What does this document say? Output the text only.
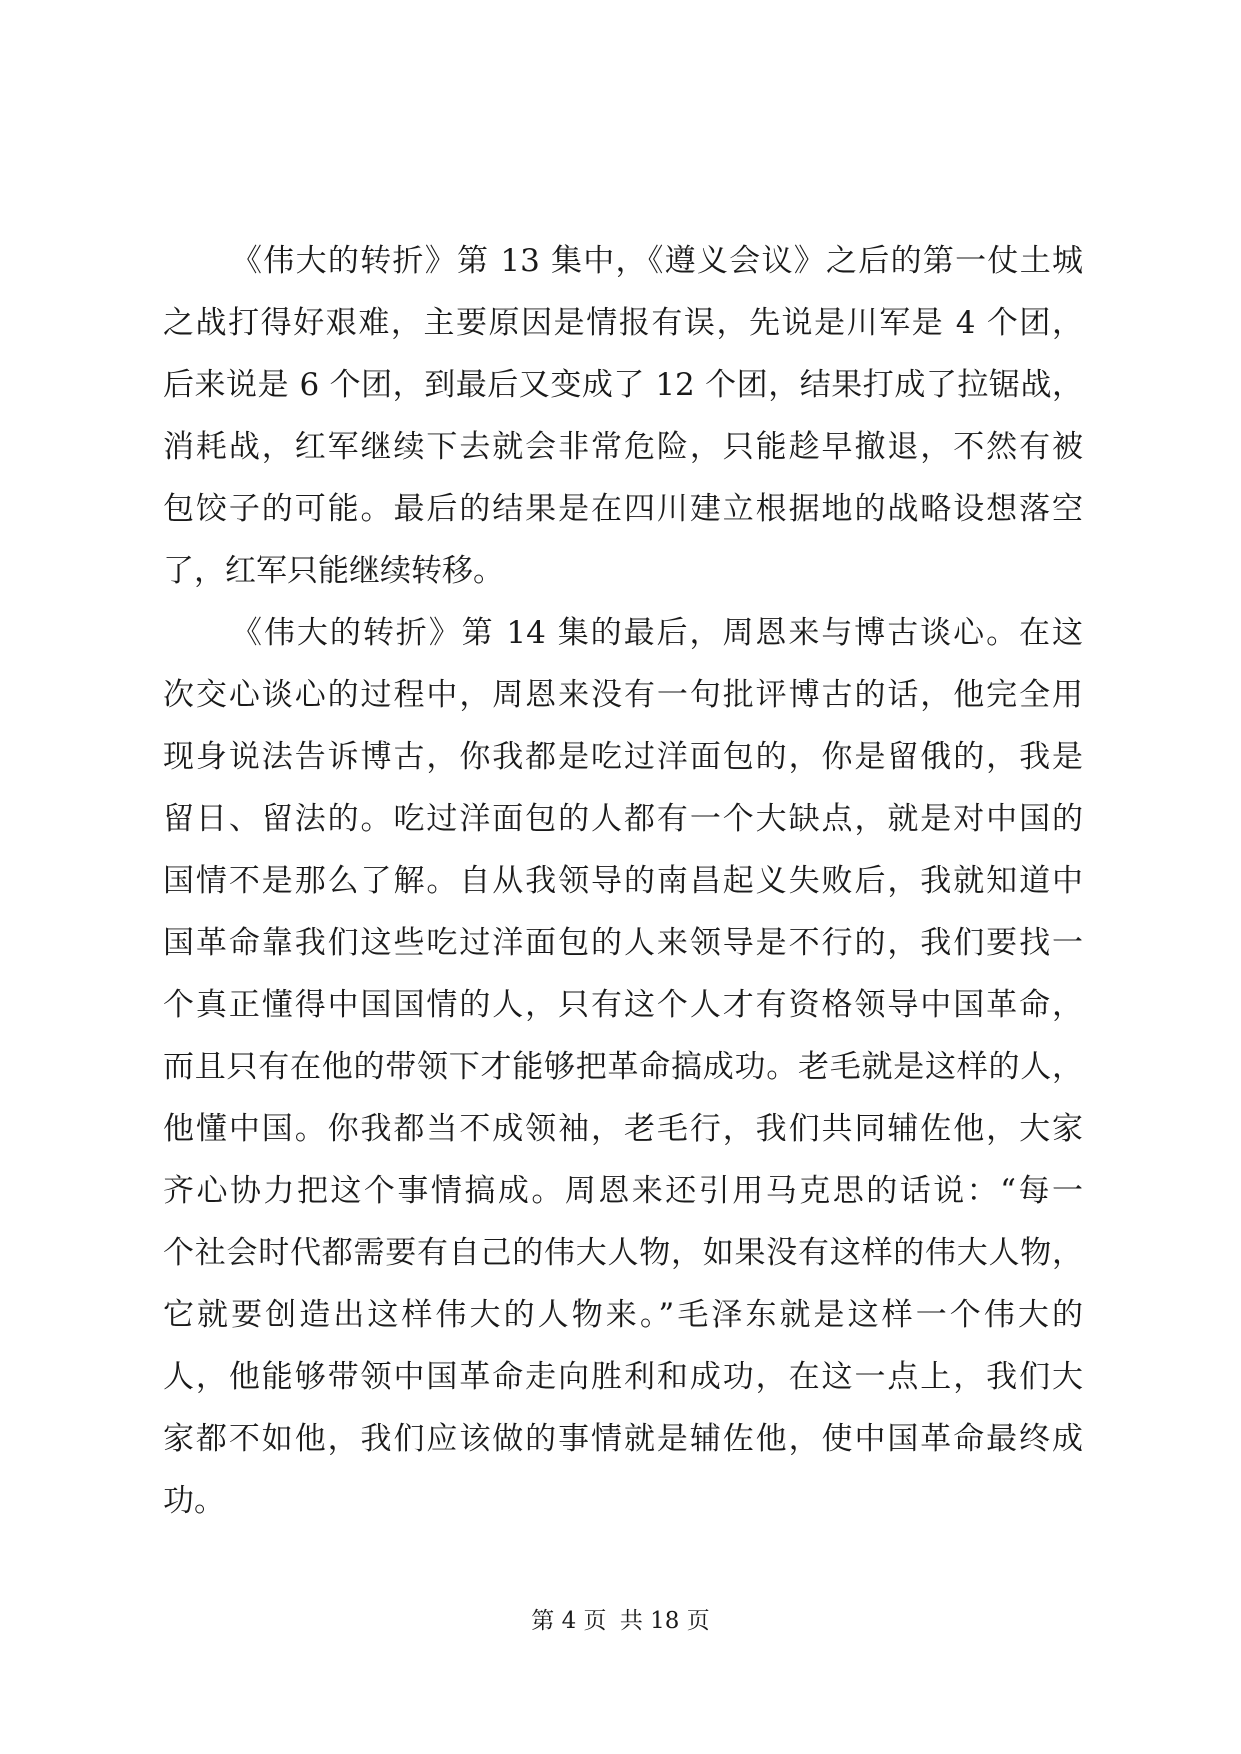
《伟大的转折》第 13 集中，《遵义会议》之后的第一仗土城
之战打得好艰难，主要原因是情报有误，先说是川军是 4 个团，
后来说是 6 个团，到最后又变成了 12 个团，结果打成了拉锯战，
消耗战，红军继续下去就会非常危险，只能趁早撤退，不然有被
包饺子的可能。最后的结果是在四川建立根据地的战略设想落空
了，红军只能继续转移。
《伟大的转折》第 14 集的最后，周恩来与博古谈心。在这
次交心谈心的过程中，周恩来没有一句批评博古的话，他完全用
现身说法告诉博古，你我都是吃过洋面包的，你是留俄的，我是
留日、留法的。吃过洋面包的人都有一个大缺点，就是对中国的
国情不是那么了解。自从我领导的南昌起义失败后，我就知道中
国革命靠我们这些吃过洋面包的人来领导是不行的，我们要找一
个真正懂得中国国情的人，只有这个人才有资格领导中国革命，
而且只有在他的带领下才能够把革命搞成功。老毛就是这样的人，
他懂中国。你我都当不成领袖，老毛行，我们共同辅佐他，大家
齐心协力把这个事情搞成。周恩来还引用马克思的话说：“每一
个社会时代都需要有自己的伟大人物，如果没有这样的伟大人物，
它就要创造出这样伟大的人物来。”毛泽东就是这样一个伟大的
人，他能够带领中国革命走向胜利和成功，在这一点上，我们大
家都不如他，我们应该做的事情就是辅佐他，使中国革命最终成
功。
第 4 页 共 18 页
